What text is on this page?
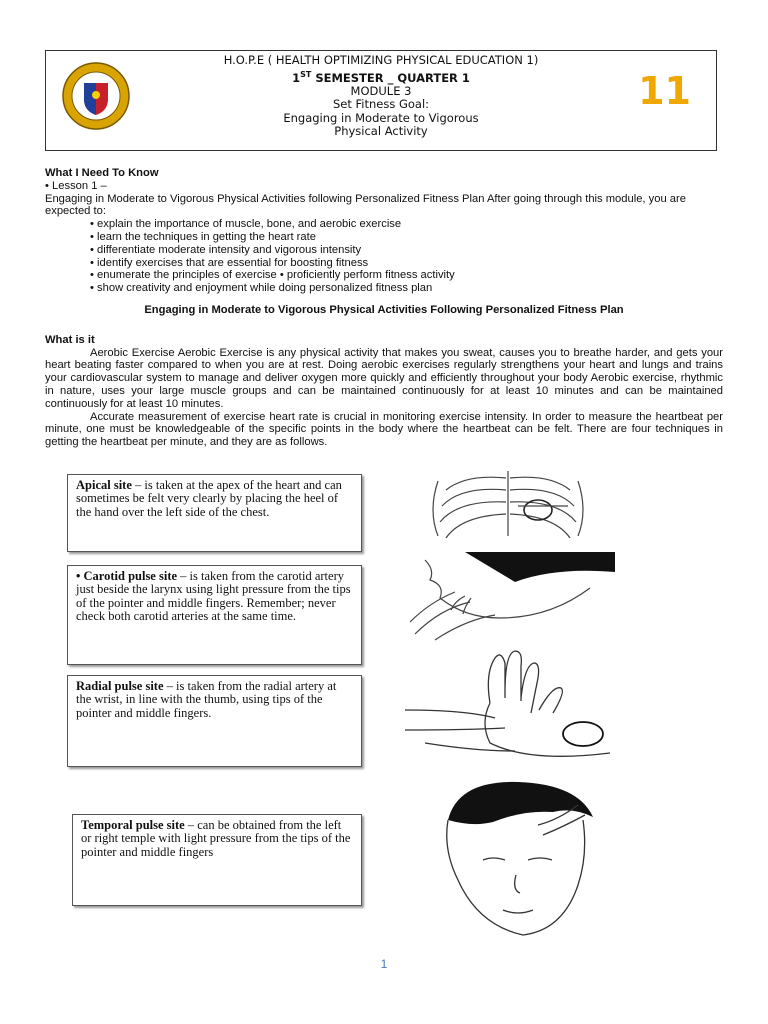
H.O.P.E ( HEALTH OPTIMIZING PHYSICAL EDUCATION 1)
1ST SEMESTER _ QUARTER 1
MODULE 3
Set Fitness Goal:
Engaging in Moderate to Vigorous
Physical Activity
11

What I Need To Know

• Lesson 1 –

Engaging in Moderate to Vigorous Physical Activities following Personalized Fitness Plan After going through this module, you are expected to:

• explain the importance of muscle, bone, and aerobic exercise

• learn the techniques in getting the heart rate

• differentiate moderate intensity and vigorous intensity

• identify exercises that are essential for boosting fitness

• enumerate the principles of exercise • proficiently perform fitness activity

• show creativity and enjoyment while doing personalized fitness plan

Engaging in Moderate to Vigorous Physical Activities Following Personalized Fitness Plan

What is it

Aerobic Exercise Aerobic Exercise is any physical activity that makes you sweat, causes you to breathe harder, and gets your heart beating faster compared to when you are at rest. Doing aerobic exercises regularly strengthens your heart and lungs and trains your cardiovascular system to manage and deliver oxygen more quickly and efficiently throughout your body Aerobic exercise, rhythmic in nature, uses your large muscle groups and can be maintained continuously for at least 10 minutes and can be maintained continuously for at least 10 minutes.

Accurate measurement of exercise heart rate is crucial in monitoring exercise intensity. In order to measure the heartbeat per minute, one must be knowledgeable of the specific points in the body where the heartbeat can be felt. There are four techniques in getting the heartbeat per minute, and they are as follows.

Apical site – is taken at the apex of the heart and can sometimes be felt very clearly by placing the heel of the hand over the left side of the chest.
• Carotid pulse site – is taken from the carotid artery just beside the larynx using light pressure from the tips of the pointer and middle fingers. Remember; never check both carotid arteries at the same time.
Radial pulse site – is taken from the radial artery at the wrist, in line with the thumb, using tips of the pointer and middle fingers.
Temporal pulse site – can be obtained from the left or right temple with light pressure from the tips of the pointer and middle fingers
1
